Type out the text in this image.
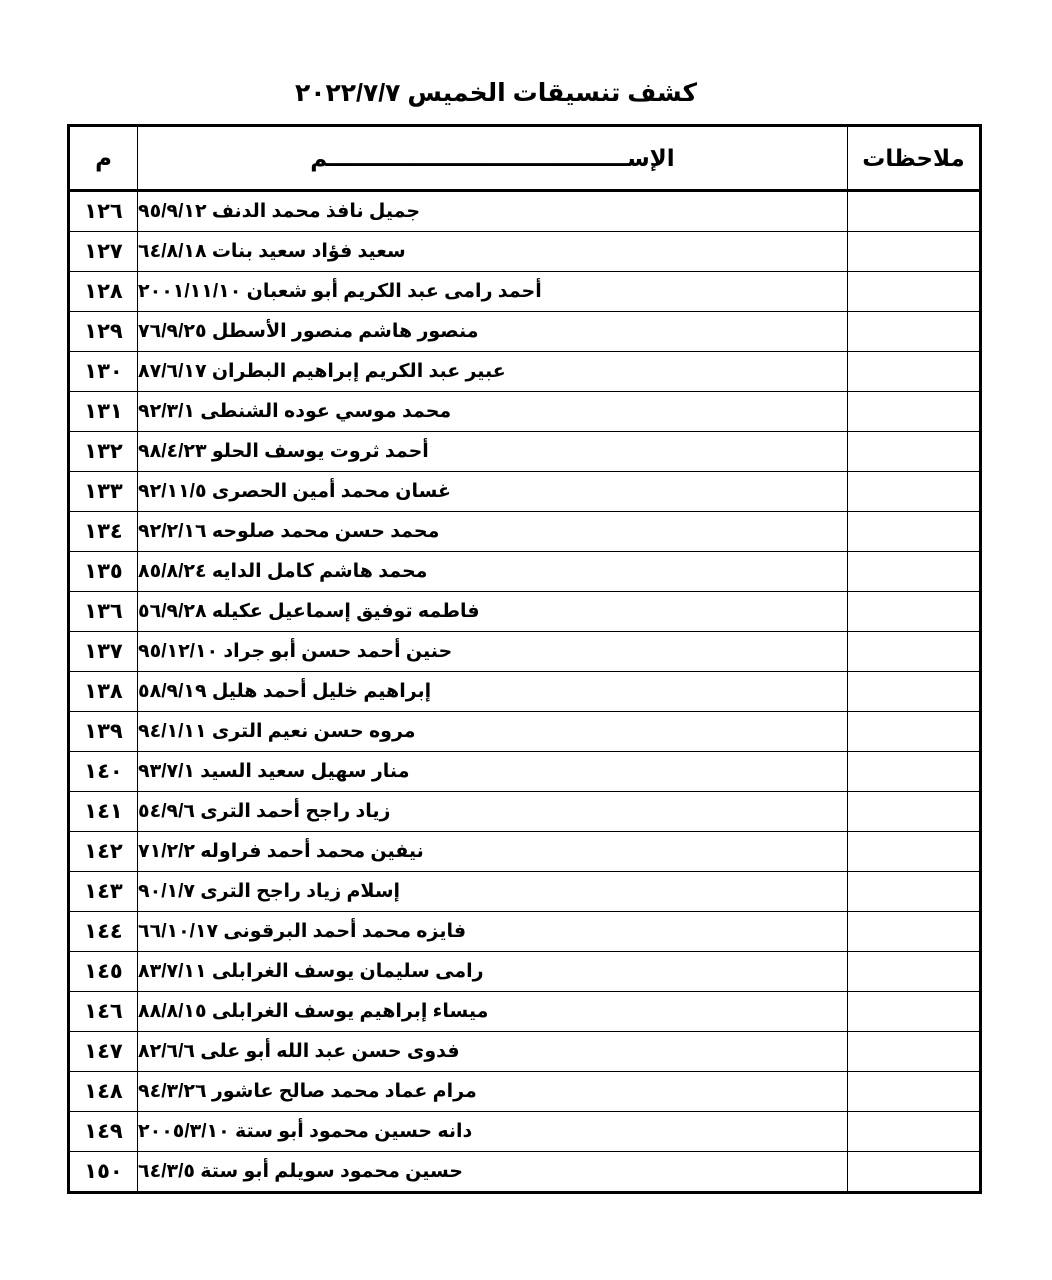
كشف تنسيقات الخميس ٢٠٢٢/٧/٧
ملاحظات	الإســــــــــــــــــــــــــــــــــــــم	م
	جميل نافذ محمد الدنف ٩٥/٩/١٢	١٢٦
	سعيد فؤاد سعيد بنات ٦٤/٨/١٨	١٢٧
	أحمد رامى عبد الكريم أبو شعبان ٢٠٠١/١١/١٠	١٢٨
	منصور هاشم منصور الأسطل ٧٦/٩/٢٥	١٢٩
	عبير عبد الكريم إبراهيم البطران ٨٧/٦/١٧	١٣٠
	محمد موسي عوده الشنطى ٩٢/٣/١	١٣١
	أحمد ثروت يوسف الحلو ٩٨/٤/٢٣	١٣٢
	غسان محمد أمين الحصرى ٩٢/١١/٥	١٣٣
	محمد حسن محمد صلوحه ٩٢/٢/١٦	١٣٤
	محمد هاشم كامل الدايه ٨٥/٨/٢٤	١٣٥
	فاطمه توفيق إسماعيل عكيله ٥٦/٩/٢٨	١٣٦
	حنين أحمد حسن أبو جراد ٩٥/١٢/١٠	١٣٧
	إبراهيم خليل أحمد هليل ٥٨/٩/١٩	١٣٨
	مروه حسن نعيم الترى ٩٤/١/١١	١٣٩
	منار سهيل سعيد السيد ٩٣/٧/١	١٤٠
	زياد راجح أحمد الترى ٥٤/٩/٦	١٤١
	نيفين محمد أحمد فراوله ٧١/٢/٢	١٤٢
	إسلام زياد راجح الترى ٩٠/١/٧	١٤٣
	فايزه محمد أحمد البرقونى ٦٦/١٠/١٧	١٤٤
	رامى سليمان يوسف الغرابلى ٨٣/٧/١١	١٤٥
	ميساء إبراهيم يوسف الغرابلى ٨٨/٨/١٥	١٤٦
	فدوى حسن عبد الله أبو على ٨٢/٦/٦	١٤٧
	مرام عماد محمد صالح عاشور ٩٤/٣/٢٦	١٤٨
	دانه حسين محمود أبو ستة ٢٠٠٥/٣/١٠	١٤٩
	حسين محمود سويلم أبو ستة ٦٤/٣/٥	١٥٠
